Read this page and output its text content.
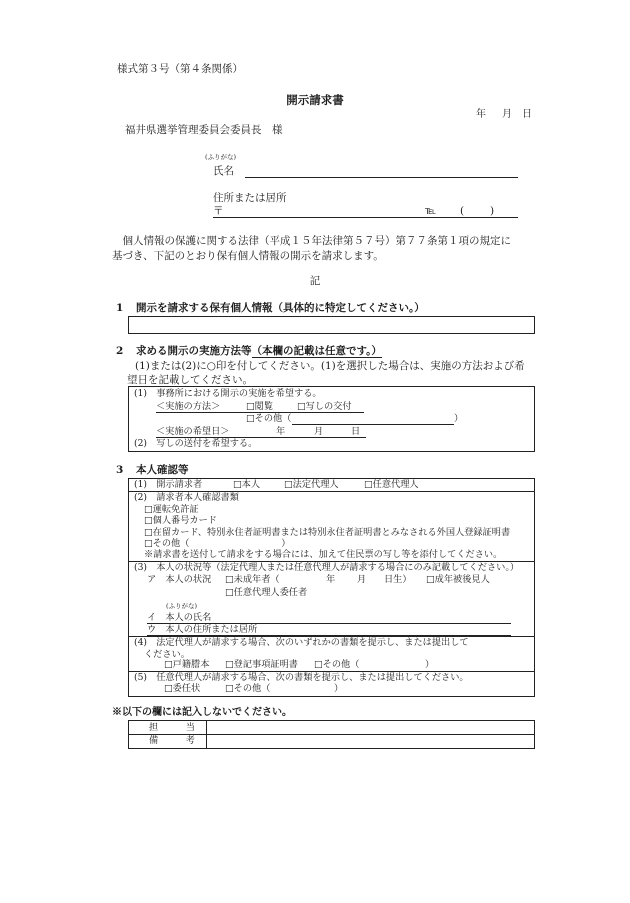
様式第３号（第４条関係）
開示請求書
年 月 日
福井県選挙管理委員会委員長　様
(ふりがな)
氏名
住所または居所
〒	℡ ( )
個人情報の保護に関する法律（平成１５年法律第５７号）第７７条第１項の規定に基づき、下記のとおり保有個人情報の開示を請求します。
記
1 開示を請求する保有個人情報（具体的に特定してください。）
2 求める開示の実施方法等（本欄の記載は任意です。）
(1)または(2)に○印を付してください。(1)を選択した場合は、実施の方法および希望日を記載してください。
(1)　事務所における開示の実施を希望する。
＜実施の方法＞	□閲覧	□写しの交付
□その他（	）
＜実施の希望日＞	年	月	日
(2)　写しの送付を希望する。
3 本人確認等
(1)　開示請求者	□本人	□法定代理人	□任意代理人
(2)　請求者本人確認書類
□運転免許証
□個人番号カード
□在留カード、特別永住者証明書または特別永住者証明書とみなされる外国人登録証明書
□その他（　　　　　　　　　　）
※請求書を送付して請求をする場合には、加えて住民票の写し等を添付してください。
(3)　本人の状況等（法定代理人または任意代理人が請求する場合にのみ記載してください。）
ア　本人の状況 □未成年者（	年 月 日生） □成年被後見人
□任意代理人委任者
(ふりがな)
イ　本人の氏名
ウ　本人の住所または居所
(4)　法定代理人が請求する場合、次のいずれかの書類を提示し、または提出してください。
□戸籍謄本 □登記事項証明書 □その他（	）
(5)　任意代理人が請求する場合、次の書類を提示し、または提出してください。
□委任状	□その他（	）
※以下の欄には記入しないでください。
担　　　当
備　　　考
